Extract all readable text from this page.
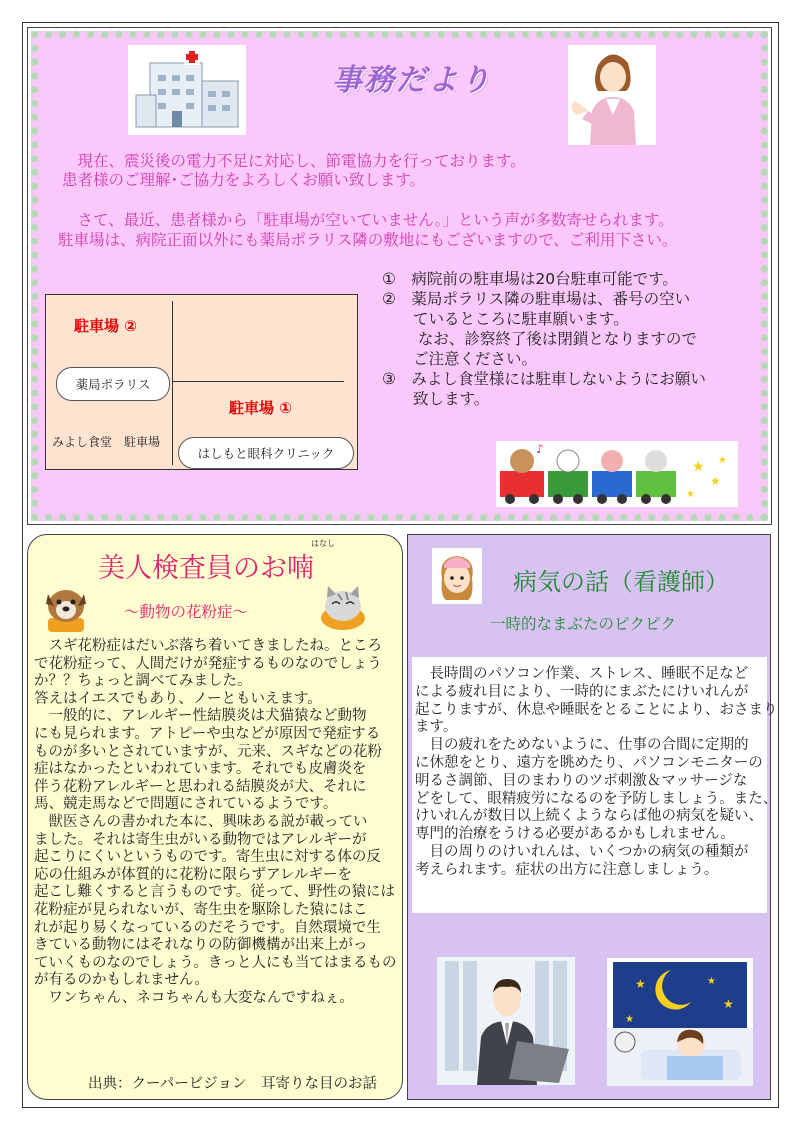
事務だより
　現在、震災後の電力不足に対応し、節電協力を行っております。
患者様のご理解･ご協力をよろしくお願い致します。
　さて、最近、患者様から「駐車場が空いていません。」という声が多数寄せられます。
駐車場は、病院正面以外にも薬局ポラリス隣の敷地にもございますので、ご利用下さい。
駐車場 ②
駐車場 ①
薬局ポラリス
みよし食堂　駐車場
はしもと眼科クリニック
①　病院前の駐車場は20台駐車可能です。
②　薬局ポラリス隣の駐車場は、番号の空い
　　ているところに駐車願います。
　　 なお、診察終了後は閉鎖となりますので
　　ご注意ください。
③　みよし食堂様には駐車しないようにお願い
　　致します。
★
★
★
★
♪
美人検査員のお喃
はなし
～動物の花粉症～
　スギ花粉症はだいぶ落ち着いてきましたね。ところ
で花粉症って、人間だけが発症するものなのでしょう
か？？ちょっと調べてみました。
答えはイエスでもあり、ノーともいえます。
　一般的に、アレルギー性結膜炎は犬猫猿など動物
にも見られます。アトピーや虫などが原因で発症する
ものが多いとされていますが、元来、スギなどの花粉
症はなかったといわれています。それでも皮膚炎を
伴う花粉アレルギーと思われる結膜炎が犬、それに
馬、競走馬などで問題にされているようです。
　獣医さんの書かれた本に、興味ある説が載ってい
ました。それは寄生虫がいる動物ではアレルギーが
起こりにくいというものです。寄生虫に対する体の反
応の仕組みが体質的に花粉に限らずアレルギーを
起こし難くすると言うものです。従って、野性の猿には
花粉症が見られないが、寄生虫を駆除した猿にはこ
れが起り易くなっているのだそうです。自然環境で生
きている動物にはそれなりの防御機構が出来上がっ
ていくものなのでしょう。きっと人にも当てはまるもの
が有るのかもしれません。
　ワンちゃん、ネコちゃんも大変なんですねぇ。
出典：クーパービジョン　耳寄りな目のお話
病気の話（看護師）
一時的なまぶたのピクピク
　長時間のパソコン作業、ストレス、睡眠不足など
による疲れ目により、一時的にまぶたにけいれんが
起こりますが、休息や睡眠をとることにより、おさまり
ます。
　目の疲れをためないように、仕事の合間に定期的
に休憩をとり、遠方を眺めたり、パソコンモニターの
明るさ調節、目のまわりのツボ刺激＆マッサージな
どをして、眼精疲労になるのを予防しましょう。また、
けいれんが数日以上続くようならば他の病気を疑い、
専門的治療をうける必要があるかもしれません。
　目の周りのけいれんは、いくつかの病気の種類が
考えられます。症状の出方に注意しましょう。
★	★
★
★
